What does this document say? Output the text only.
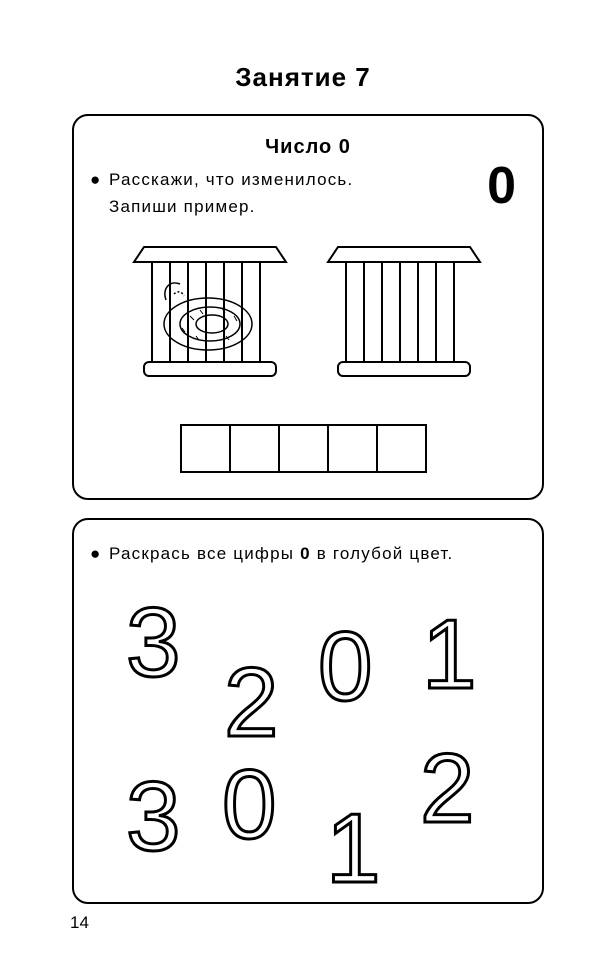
Занятие 7
Число 0
● Расскажи, что изменилось.
Запиши пример.	0
● Раскрась все цифры 0 в голубой цвет.
3
2 0 1
3 0 1
2
14
